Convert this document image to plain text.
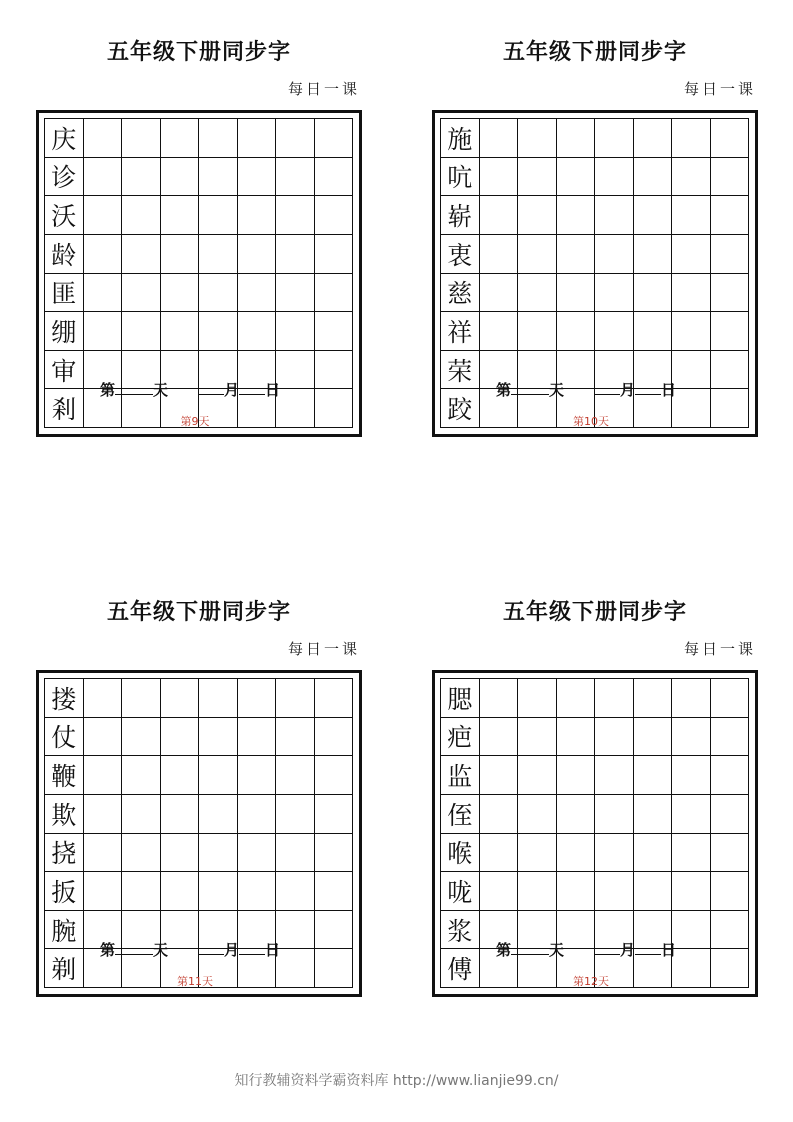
五年级下册同步字
每日一课
庆
诊
沃
龄
匪
绷
审
剎
第	天	月 日
第9天
五年级下册同步字
每日一课
施
吭
崭
衷
慈
祥
荣
跤
第	天	月 日
第10天
五年级下册同步字
每日一课
搂
仗
鞭
欺
挠
扳
腕
剃
第	天	月 日
第11天
五年级下册同步字
每日一课
腮
疤
监
侄
喉
咙
浆
傅
第	天	月 日
第12天
知行教辅资料学霸资料库 http://www.lianjie99.cn/
